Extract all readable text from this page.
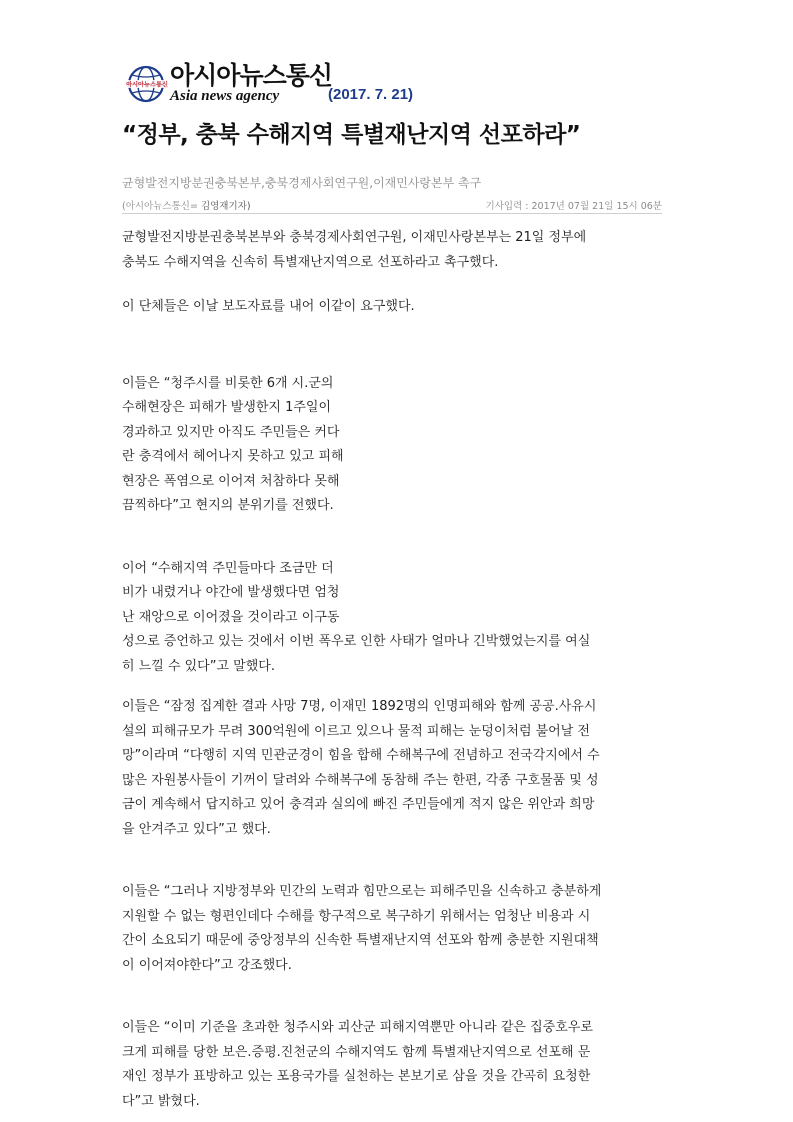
아시아뉴스통신 아시아뉴스통신
Asia news agency	(2017. 7. 21)
“정부, 충북 수해지역 특별재난지역 선포하라”
균형발전지방분권충북본부,충북경제사회연구원,이재민사랑본부 촉구
(아시아뉴스통신= 김영재기자)	기사입력 : 2017년 07월 21일 15시 06분

균형발전지방분권충북본부와 충북경제사회연구원, 이재민사랑본부는 21일 정부에
충북도 수해지역을 신속히 특별재난지역으로 선포하라고 촉구했다.

이 단체들은 이날 보도자료를 내어 이같이 요구했다.

이들은 “청주시를 비롯한 6개 시.군의
수해현장은 피해가 발생한지 1주일이
경과하고 있지만 아직도 주민들은 커다
란 충격에서 헤어나지 못하고 있고 피해
현장은 폭염으로 이어져 처참하다 못해
끔찍하다”고 현지의 분위기를 전했다.

이어 “수해지역 주민들마다 조금만 더
비가 내렸거나 야간에 발생했다면 엄청
난 재앙으로 이어졌을 것이라고 이구동
성으로 증언하고 있는 것에서 이번 폭우로 인한 사태가 얼마나 긴박했었는지를 여실
히 느낄 수 있다”고 말했다.

이들은 “잠정 집계한 결과 사망 7명, 이재민 1892명의 인명피해와 함께 공공.사유시
설의 피해규모가 무려 300억원에 이르고 있으나 물적 피해는 눈덩이처럼 불어날 전
망”이라며 “다행히 지역 민관군경이 힘을 합해 수해복구에 전념하고 전국각지에서 수
많은 자원봉사들이 기꺼이 달려와 수해복구에 동참해 주는 한편, 각종 구호물품 및 성
금이 계속해서 답지하고 있어 충격과 실의에 빠진 주민들에게 적지 않은 위안과 희망
을 안겨주고 있다”고 했다.

이들은 “그러나 지방정부와 민간의 노력과 힘만으로는 피해주민을 신속하고 충분하게
지원할 수 없는 형편인데다 수해를 항구적으로 복구하기 위해서는 엄청난 비용과 시
간이 소요되기 때문에 중앙정부의 신속한 특별재난지역 선포와 함께 충분한 지원대책
이 이어져야한다”고 강조했다.

이들은 “이미 기준을 초과한 청주시와 괴산군 피해지역뿐만 아니라 같은 집중호우로
크게 피해를 당한 보은.증평.진천군의 수해지역도 함께 특별재난지역으로 선포해 문
재인 정부가 표방하고 있는 포용국가를 실천하는 본보기로 삼을 것을 간곡히 요청한
다”고 밝혔다.
